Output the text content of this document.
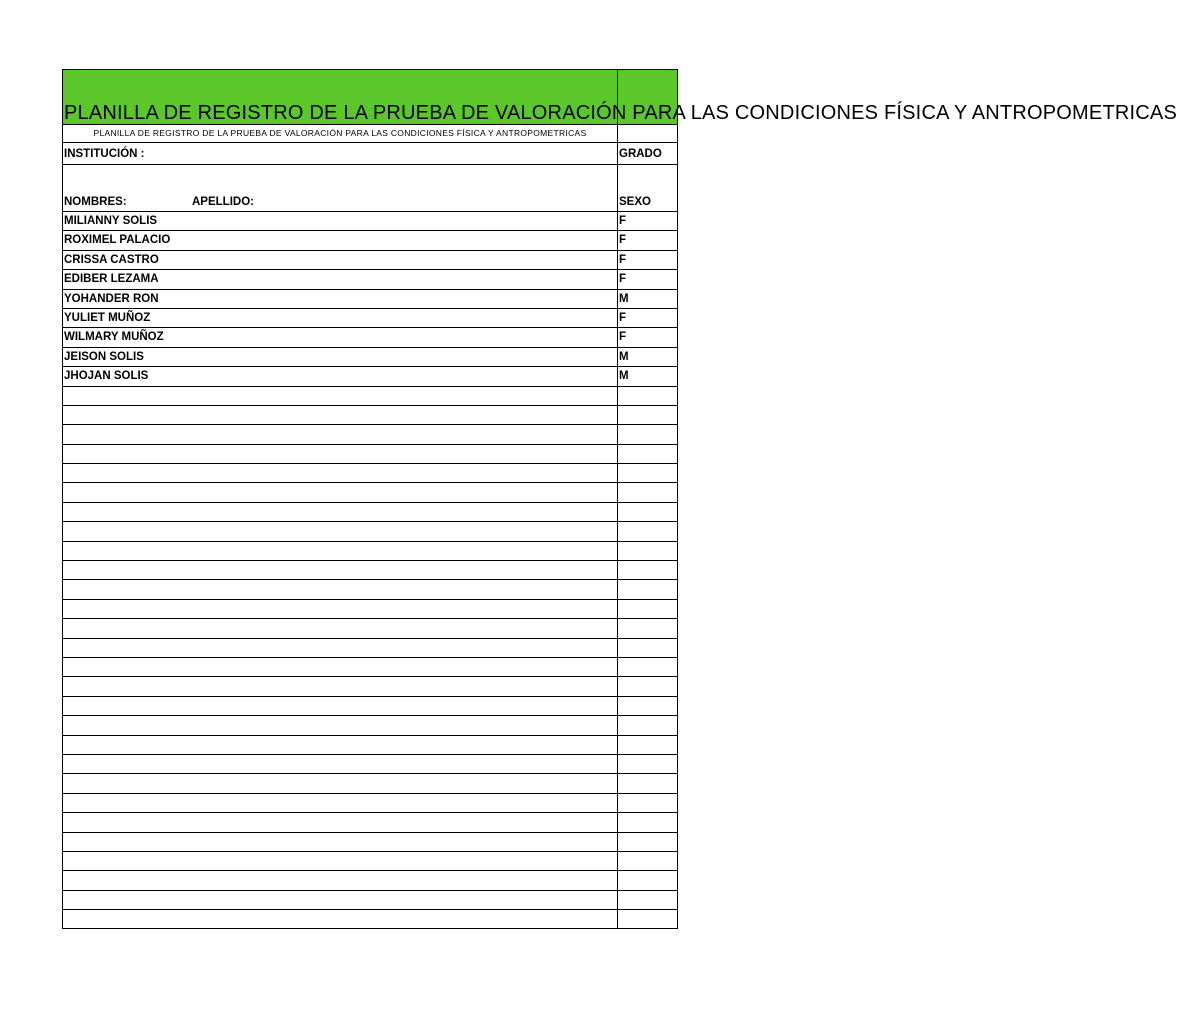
PLANILLA DE REGISTRO DE LA PRUEBA DE VALORACIÓN PARA LAS CONDICIONES FÍSICA Y ANTROPOMETRICAS
PLANILLA DE REGISTRO DE LA PRUEBA DE VALORACIÓN PARA LAS CONDICIONES FÍSICA Y ANTROPOMETRICAS
INSTITUCIÓN :	GRADO
NOMBRES:	APELLIDO:	SEXO
MILIANNY SOLIS	F
ROXIMEL PALACIO	F
CRISSA CASTRO	F
EDIBER LEZAMA	F
YOHANDER RON	M
YULIET MUÑOZ	F
WILMARY MUÑOZ	F
JEISON SOLIS	M
JHOJAN SOLIS	M
